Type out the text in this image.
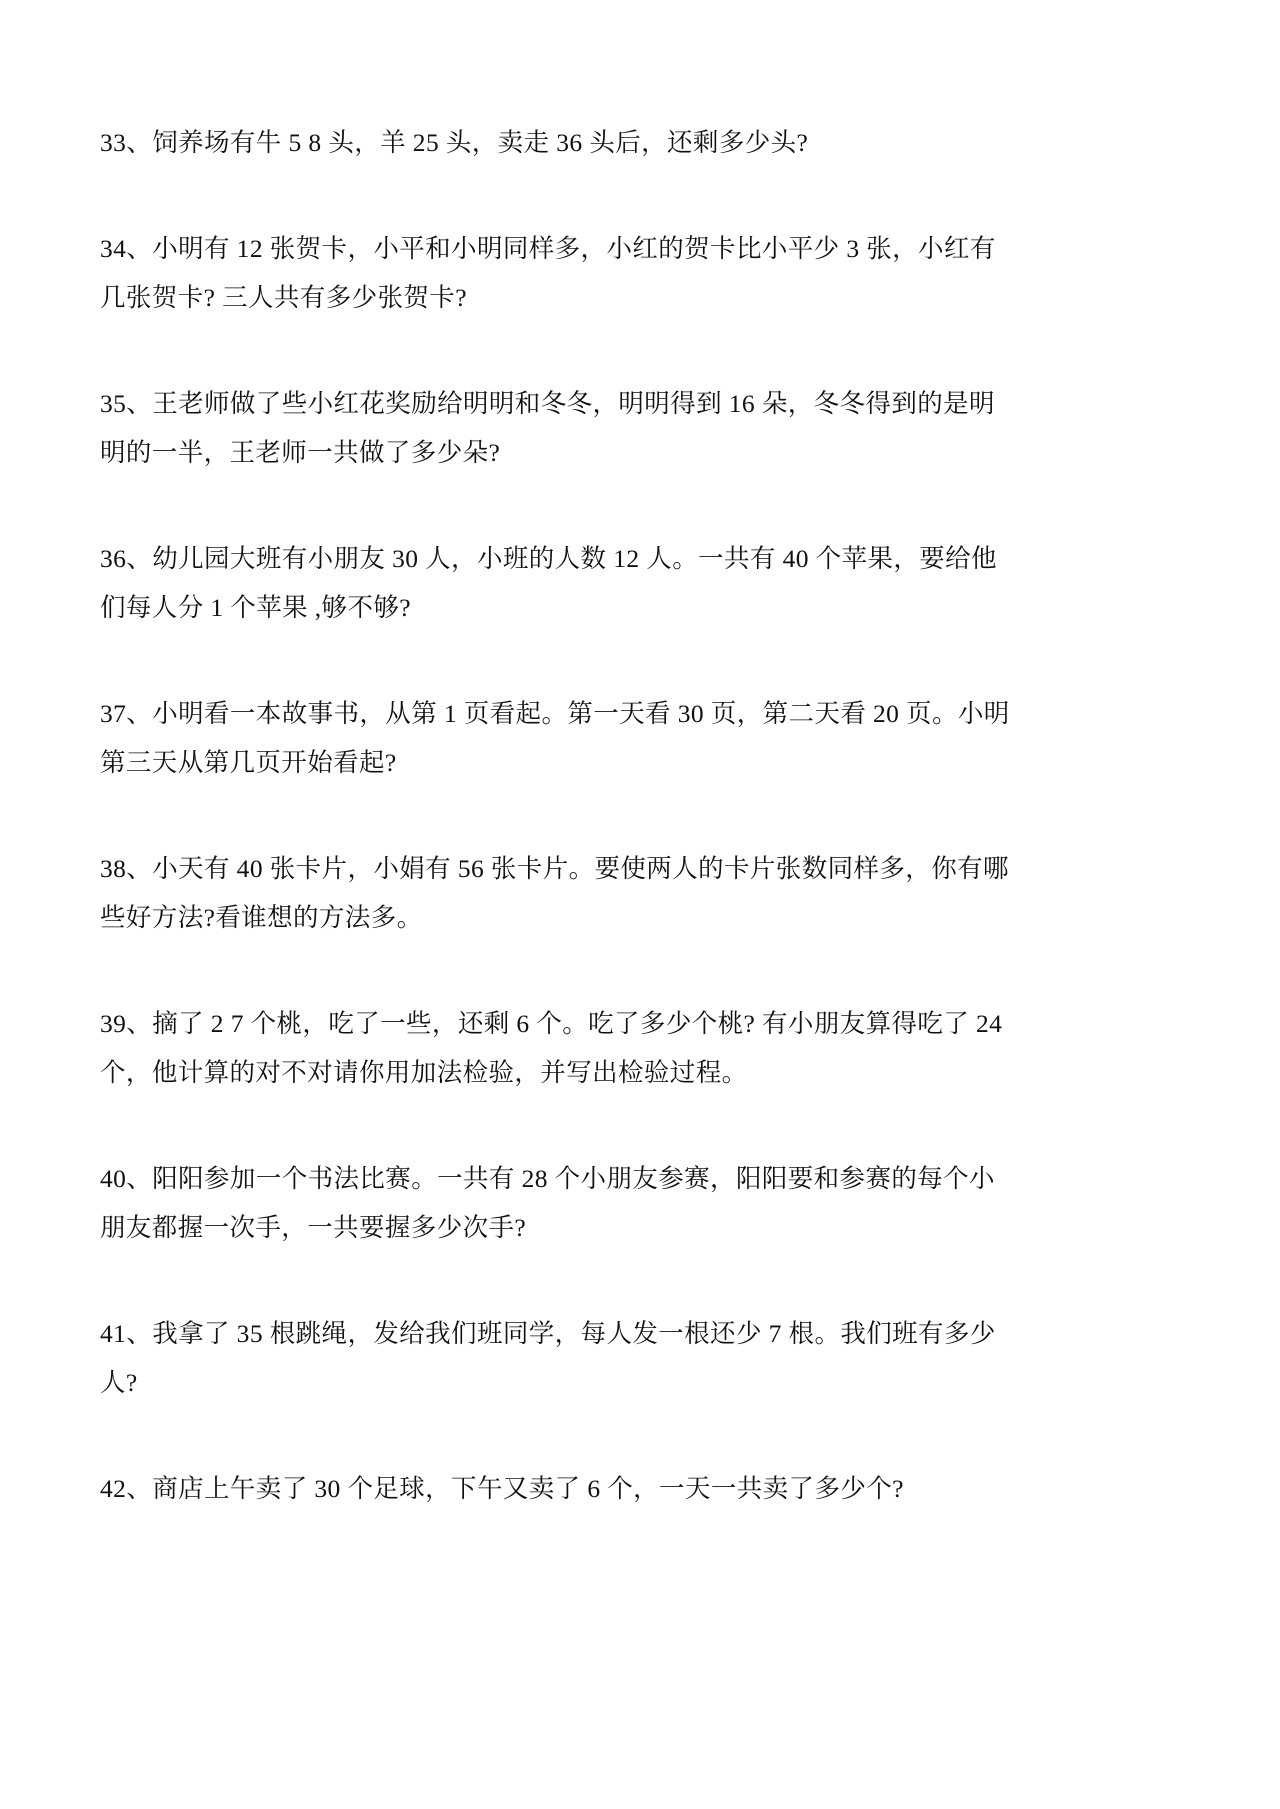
33、饲养场有牛 5 8 头，羊 25 头，卖走 36 头后，还剩多少头?
34、小明有 12 张贺卡，小平和小明同样多，小红的贺卡比小平少 3 张，小红有
几张贺卡? 三人共有多少张贺卡?
35、王老师做了些小红花奖励给明明和冬冬，明明得到 16 朵，冬冬得到的是明
明的一半，王老师一共做了多少朵?
36、幼儿园大班有小朋友 30 人，小班的人数 12 人。一共有 40 个苹果，要给他
们每人分 1 个苹果 ,够不够?
37、小明看一本故事书，从第 1 页看起。第一天看 30 页，第二天看 20 页。小明
第三天从第几页开始看起?
38、小天有 40 张卡片，小娟有 56 张卡片。要使两人的卡片张数同样多，你有哪
些好方法?看谁想的方法多。
39、摘了 2 7 个桃，吃了一些，还剩 6 个。吃了多少个桃? 有小朋友算得吃了 24
个，他计算的对不对请你用加法检验，并写出检验过程。
40、阳阳参加一个书法比赛。一共有 28 个小朋友参赛，阳阳要和参赛的每个小
朋友都握一次手，一共要握多少次手?
41、我拿了 35 根跳绳，发给我们班同学，每人发一根还少 7 根。我们班有多少
人?
42、商店上午卖了 30 个足球，下午又卖了 6 个，一天一共卖了多少个?
